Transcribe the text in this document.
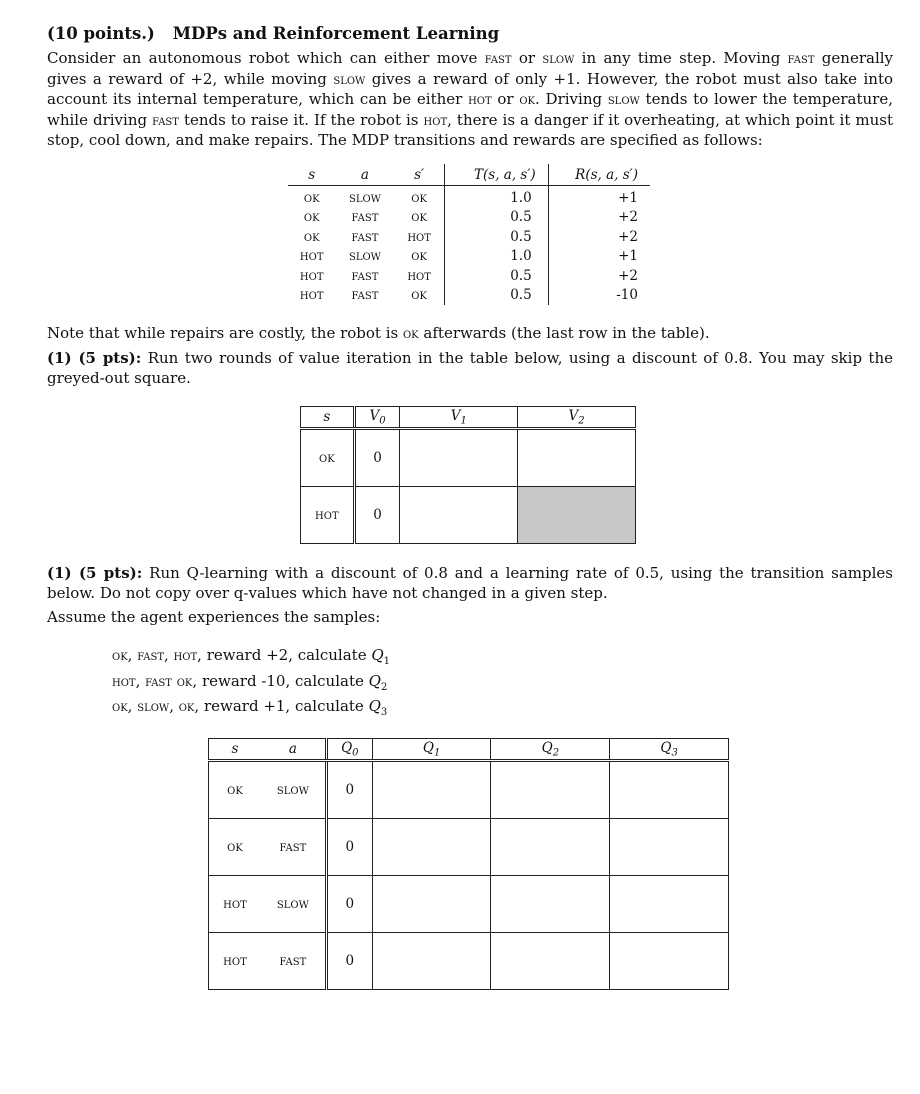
(10 points.) MDPs and Reinforcement Learning
Consider an autonomous robot which can either move fast or slow in any time step. Moving fast generally gives a reward of +2, while moving slow gives a reward of only +1. However, the robot must also take into account its internal temperature, which can be either hot or ok. Driving slow tends to lower the temperature, while driving fast tends to raise it. If the robot is hot, there is a danger if it overheating, at which point it must stop, cool down, and make repairs. The MDP transitions and rewards are specified as follows:
s	a	s′	T(s, a, s′)	R(s, a, s′)
ok	slow	ok	1.0	+1
ok	fast	ok	0.5	+2
ok	fast	hot	0.5	+2
hot	slow	ok	1.0	+1
hot	fast	hot	0.5	+2
hot	fast	ok	0.5	-10
Note that while repairs are costly, the robot is ok afterwards (the last row in the table).
(1) (5 pts): Run two rounds of value iteration in the table below, using a discount of 0.8. You may skip the greyed-out square.
s	$V_0$	$V_1$	$V_2$
ok	0		
hot	0		
(1) (5 pts): Run Q-learning with a discount of 0.8 and a learning rate of 0.5, using the transition samples below. Do not copy over q-values which have not changed in a given step.
Assume the agent experiences the samples:
ok, fast, hot, reward +2, calculate $Q_1$
hot, fast ok, reward -10, calculate $Q_2$
ok, slow, ok, reward +1, calculate $Q_3$
s	a	$Q_0$	$Q_1$	$Q_2$	$Q_3$
ok	slow	0			
ok	fast	0			
hot	slow	0			
hot	fast	0			
